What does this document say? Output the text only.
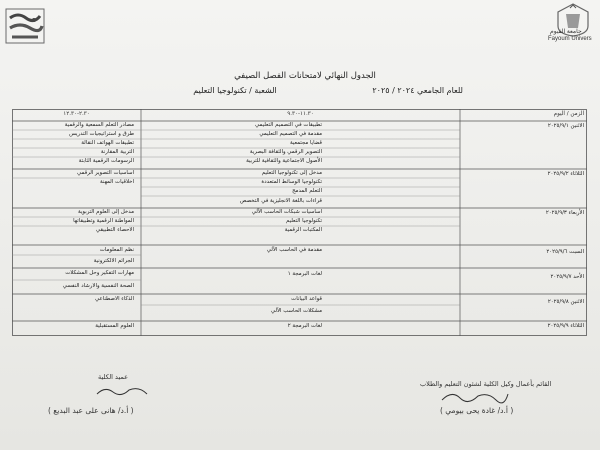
جامعة الفيوم
Fayoum Univers
الجدول النهائي لامتحانات الفصل الصيفي
للعام الجامعي ٢٠٢٤ / ٢٠٢٥
الشعبة / تكنولوجيا التعليم
الزمن / اليوم
١١.٣٠-٩.٣٠
٢.٣٠-١٢.٣٠
الاثنين ٢٠٢٥/٩/١
تطبيقات في التصميم التعليمي
مقدمة في التصميم التعليمي
قضايا مجتمعية
التصوير الرقمي والثقافة البصرية
الأصول الاجتماعية والثقافية للتربية
مصادر التعلم السمعية والرقمية
طرق و استراتيجيات التدريس
تطبيقات الهواتف النقالة
التربية المقارنة
الرسومات الرقمية الثابتة
الثلاثاء ٢٠٢٥/٩/٢
مدخل إلى تكنولوجيا التعليم
تكنولوجيا الوسائط المتعددة
التعلم المدمج
قراءات باللغة الانجليزية في التخصص
اساسيات التصوير الرقمي
اخلاقيات المهنة
الأربعاء ٢٠٢٥/٩/٣
اساسيات شبكات الحاسب الآلي
تكنولوجيا التعليم
المكتبات الرقمية
مدخل إلى العلوم التربوية
المواطنة الرقمية وتطبيقاتها
الاحصاء التطبيقي
السبت ٢٠٢٥/٩/٦
مقدمة في الحاسب الآلي
نظم المعلومات
الجرائم الالكترونية
الأحد ٢٠٢٥/٩/٧
لغات البرمجة ١
مهارات التفكير وحل المشكلات
الصحة النفسية والارشاد النفسي
الاثنين ٢٠٢٥/٩/٨
قواعد البيانات
مشكلات الحاسب الآلي
الذكاء الاصطناعي
الثلاثاء ٢٠٢٥/٩/٩
لغات البرمجة ٢
العلوم المستقبلية
القائم بأعمال وكيل الكلية لشئون التعليم والطلاب
( أ.د/ غادة يحى بيومي )
عميد الكلية
( أ.د/ هانى على عبد البديع )
